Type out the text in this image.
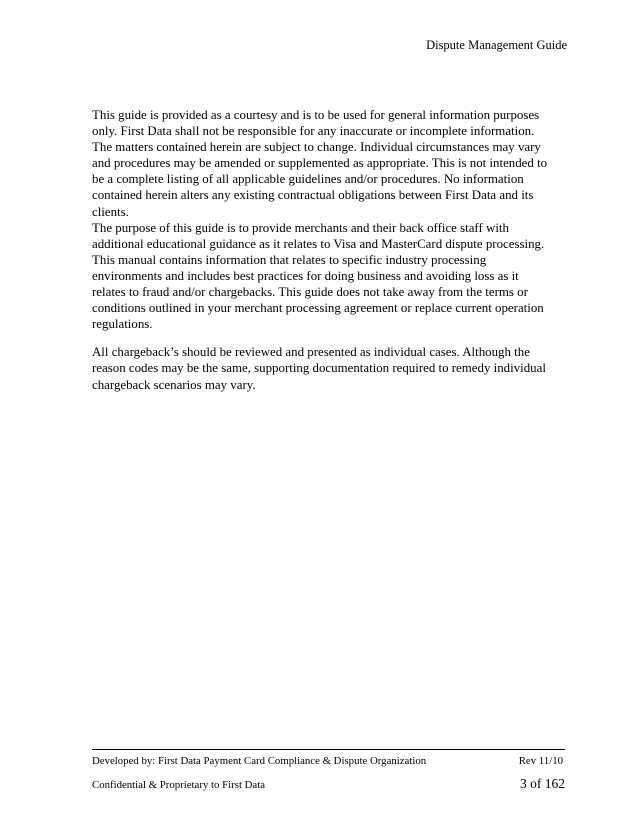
Dispute Management Guide

This guide is provided as a courtesy and is to be used for general information purposes only. First Data shall not be responsible for any inaccurate or incomplete information. The matters contained herein are subject to change. Individual circumstances may vary and procedures may be amended or supplemented as appropriate. This is not intended to be a complete listing of all applicable guidelines and/or procedures. No information contained herein alters any existing contractual obligations between First Data and its clients.

The purpose of this guide is to provide merchants and their back office staff with additional educational guidance as it relates to Visa and MasterCard dispute processing. This manual contains information that relates to specific industry processing environments and includes best practices for doing business and avoiding loss as it relates to fraud and/or chargebacks. This guide does not take away from the terms or conditions outlined in your merchant processing agreement or replace current operation regulations.

All chargeback’s should be reviewed and presented as individual cases. Although the reason codes may be the same, supporting documentation required to remedy individual chargeback scenarios may vary.

Developed by: First Data Payment Card Compliance & Dispute Organization	Rev 11/10
Confidential & Proprietary to First Data	3 of 162
